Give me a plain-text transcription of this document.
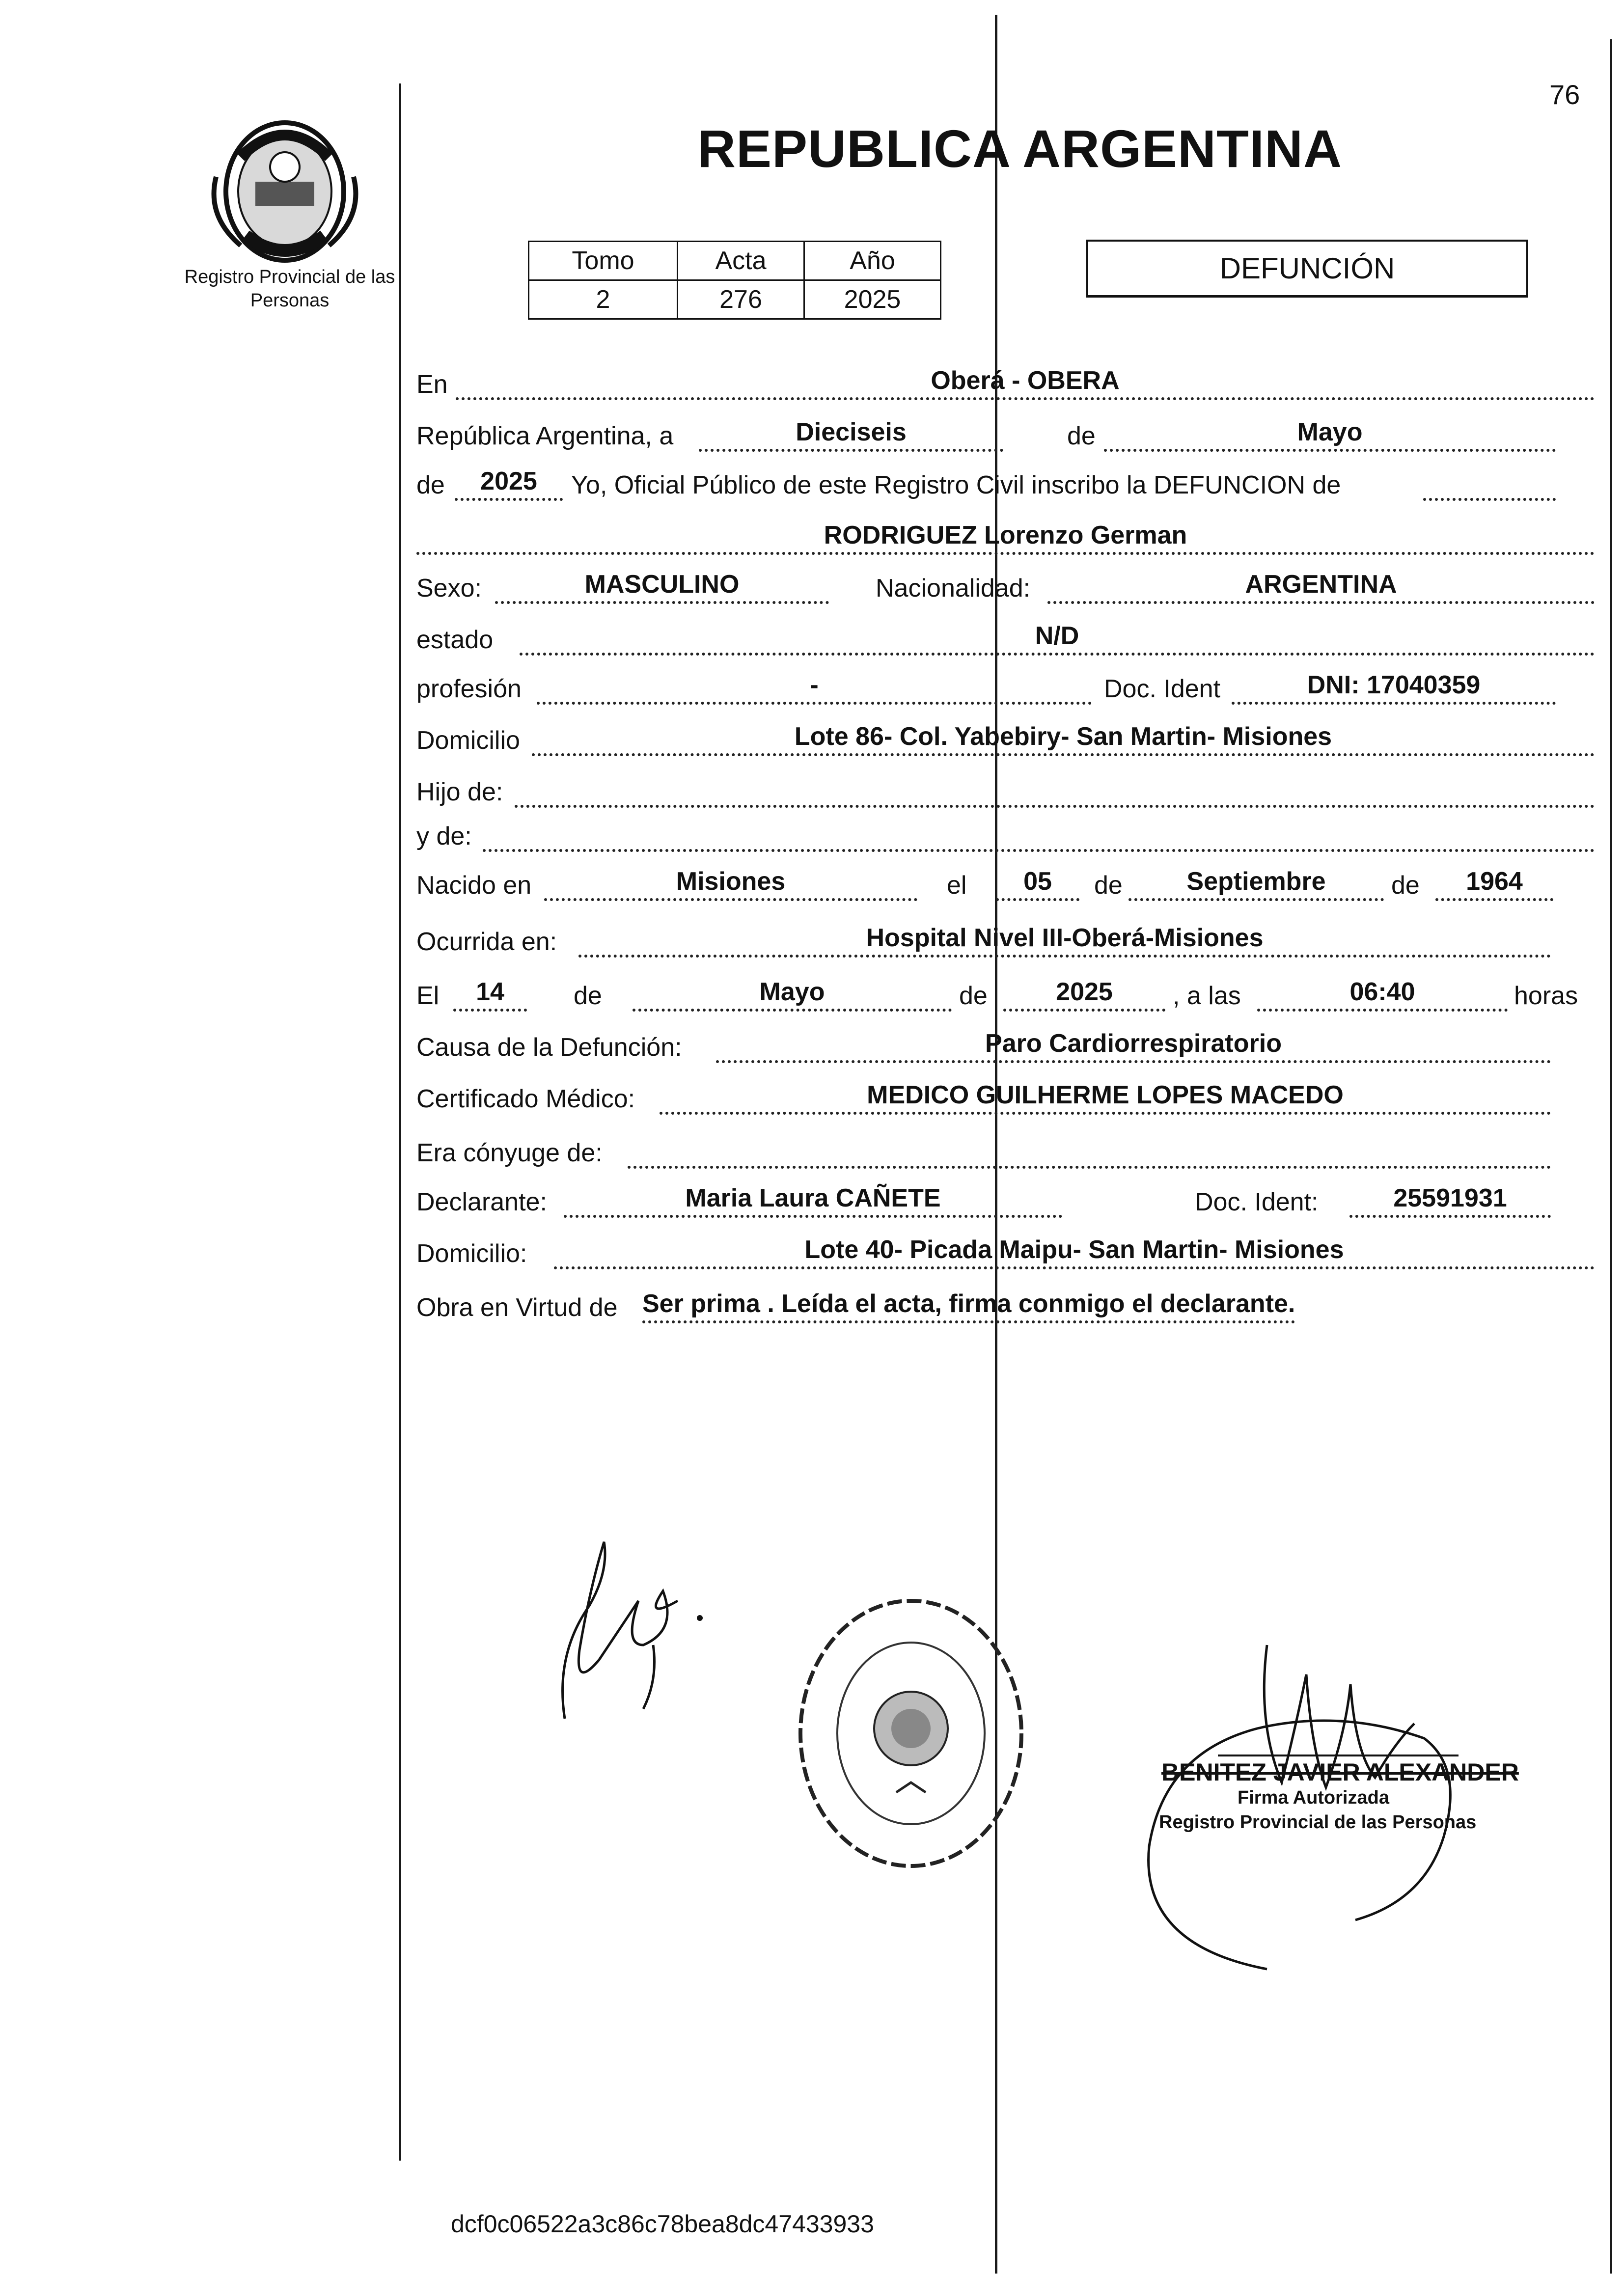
76
Registro Provincial de las Personas
REPUBLICA ARGENTINA
Tomo	Acta	Año
2	276	2025
DEFUNCIÓN
En	Oberá - OBERA
República Argentina, a	Dieciseis	de	Mayo
de	2025	Yo, Oficial Público de este Registro Civil inscribo la DEFUNCION de
RODRIGUEZ Lorenzo German
Sexo:	MASCULINO	Nacionalidad:	ARGENTINA
estado	N/D
profesión	-	Doc. Ident	DNI: 17040359
Domicilio	Lote 86- Col. Yabebiry- San Martin- Misiones
Hijo de:
y de:
Nacido en	Misiones	el	05	de	Septiembre	de	1964
Ocurrida en:	Hospital Nivel III-Oberá-Misiones
El	14	de	Mayo	de	2025	, a las	06:40	horas
Causa de la Defunción:	Paro Cardiorrespiratorio
Certificado Médico:	MEDICO GUILHERME LOPES MACEDO
Era cónyuge de:
Declarante:	Maria Laura CAÑETE	Doc. Ident:	25591931
Domicilio:	Lote 40- Picada Maipu- San Martin- Misiones
Obra en Virtud de Ser prima . Leída el acta, firma conmigo el declarante.
BENITEZ JAVIER ALEXANDER
Firma Autorizada
Registro Provincial de las Personas
dcf0c06522a3c86c78bea8dc47433933
